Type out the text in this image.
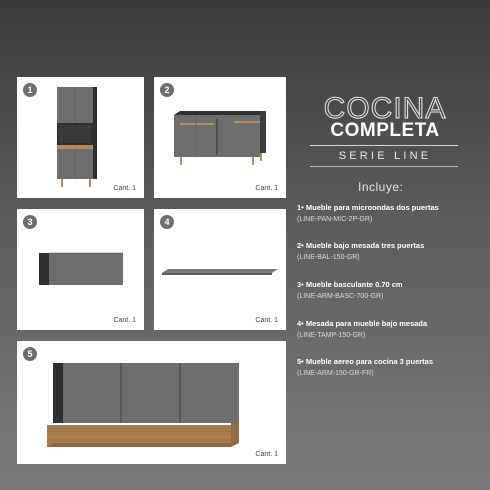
1
Cant. 1
2
Cant. 1
3
Cant. 1
4
Cant. 1
5
Cant. 1
COCINA
COMPLETA
SERIE LINE
Incluye:
1• Mueble para microondas dos puertas
(LINE-PAN-MIC-2P-GR)
2• Mueble bajo mesada tres puertas
(LINE-BAL-150-GR)
3• Mueble basculante 0.70 cm
(LINE-ARM-BASC-700-GR)
4• Mesada para mueble bajo mesada
(LINE-TAMP-150-GR)
5• Mueble aereo para cocina 3 puertas
(LINE-ARM-150-GR-FR)
